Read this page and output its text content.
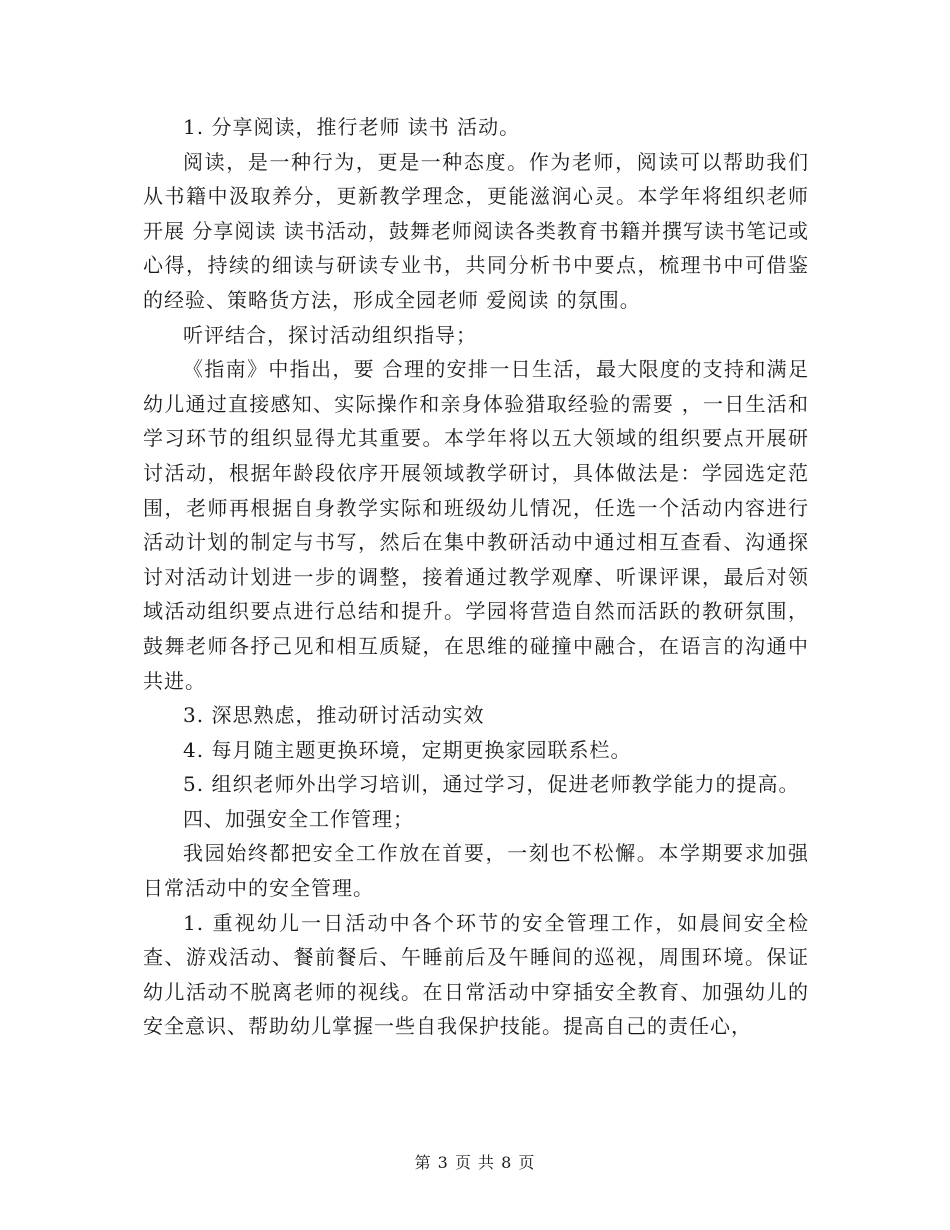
1. 分享阅读，推行老师 读书 活动。

阅读，是一种行为，更是一种态度。作为老师，阅读可以帮助我们从书籍中汲取养分，更新教学理念，更能滋润心灵。本学年将组织老师开展 分享阅读 读书活动，鼓舞老师阅读各类教育书籍并撰写读书笔记或心得，持续的细读与研读专业书，共同分析书中要点，梳理书中可借鉴的经验、策略货方法，形成全园老师 爱阅读 的氛围。

听评结合，探讨活动组织指导；

《指南》中指出，要 合理的安排一日生活，最大限度的支持和满足幼儿通过直接感知、实际操作和亲身体验猎取经验的需要 ，一日生活和学习环节的组织显得尤其重要。本学年将以五大领域的组织要点开展研讨活动，根据年龄段依序开展领域教学研讨，具体做法是：学园选定范围，老师再根据自身教学实际和班级幼儿情况，任选一个活动内容进行活动计划的制定与书写，然后在集中教研活动中通过相互查看、沟通探讨对活动计划进一步的调整，接着通过教学观摩、听课评课，最后对领域活动组织要点进行总结和提升。学园将营造自然而活跃的教研氛围，鼓舞老师各抒己见和相互质疑，在思维的碰撞中融合，在语言的沟通中共进。

3. 深思熟虑，推动研讨活动实效

4. 每月随主题更换环境，定期更换家园联系栏。

5. 组织老师外出学习培训，通过学习，促进老师教学能力的提高。

四、加强安全工作管理；

我园始终都把安全工作放在首要，一刻也不松懈。本学期要求加强日常活动中的安全管理。

1. 重视幼儿一日活动中各个环节的安全管理工作，如晨间安全检查、游戏活动、餐前餐后、午睡前后及午睡间的巡视，周围环境。保证幼儿活动不脱离老师的视线。在日常活动中穿插安全教育、加强幼儿的安全意识、帮助幼儿掌握一些自我保护技能。提高自己的责任心，

第 3 页 共 8 页
